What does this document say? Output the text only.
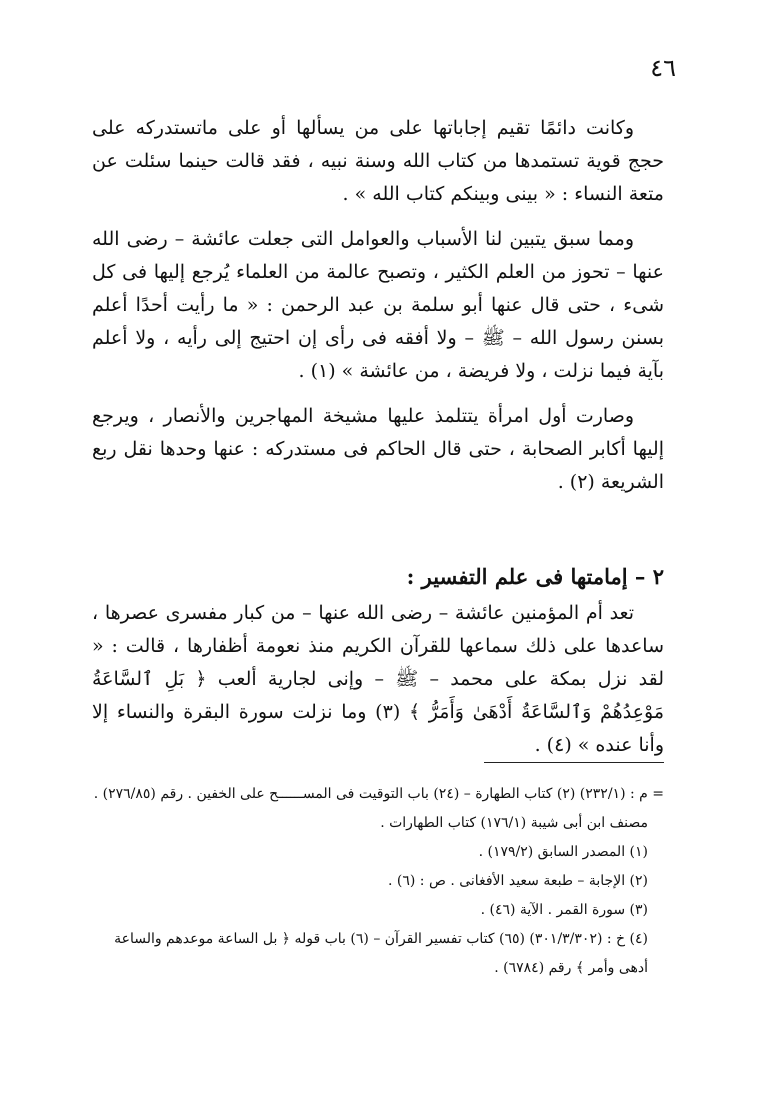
٤٦

وكانت دائمًا تقيم إجاباتها على من يسألها أو على ماتستدركه على حجج قوية تستمدها من كتاب الله وسنة نبيه ، فقد قالت حينما سئلت عن متعة النساء : « بينى وبينكم كتاب الله » .

ومما سبق يتبين لنا الأسباب والعوامل التى جعلت عائشة – رضى الله عنها – تحوز من العلم الكثير ، وتصبح عالمة من العلماء يُرجع إليها فى كل شىء ، حتى قال عنها أبو سلمة بن عبد الرحمن : « ما رأيت أحدًا أعلم بسنن رسول الله – ﷺ – ولا أفقه فى رأى إن احتيج إلى رأيه ، ولا أعلم بآية فيما نزلت ، ولا فريضة ، من عائشة » (١) .

وصارت أول امرأة يتتلمذ عليها مشيخة المهاجرين والأنصار ، ويرجع إليها أكابر الصحابة ، حتى قال الحاكم فى مستدركه : عنها وحدها نقل ربع الشريعة (٢) .

٢ – إمامتها فى علم التفسير :

تعد أم المؤمنين عائشة – رضى الله عنها – من كبار مفسرى عصرها ، ساعدها على ذلك سماعها للقرآن الكريم منذ نعومة أظفارها ، قالت : « لقد نزل بمكة على محمد – ﷺ – وإنى لجارية ألعب ﴿ بَلِ ٱلسَّاعَةُ مَوْعِدُهُمْ وَٱلسَّاعَةُ أَدْهَىٰ وَأَمَرُّ ﴾ (٣) وما نزلت سورة البقرة والنساء إلا وأنا عنده » (٤) .

= م : (٢٣٢/١) (٢) كتاب الطهارة – (٢٤) باب التوقيت فى المســــــح على الخفين . رقم (٢٧٦/٨٥) .

مصنف ابن أبى شيبة (١٧٦/١) كتاب الطهارات .

(١) المصدر السابق (١٧٩/٢) .

(٢) الإجابة – طبعة سعيد الأفغانى . ص : (٦) .

(٣) سورة القمر . الآية (٤٦) .

(٤) خ : (٣٠١/٣/٣٠٢) (٦٥) كتاب تفسير القرآن – (٦) باب قوله ﴿ بل الساعة موعدهم والساعة أدهى وأمر ﴾ رقم (٦٧٨٤) .
